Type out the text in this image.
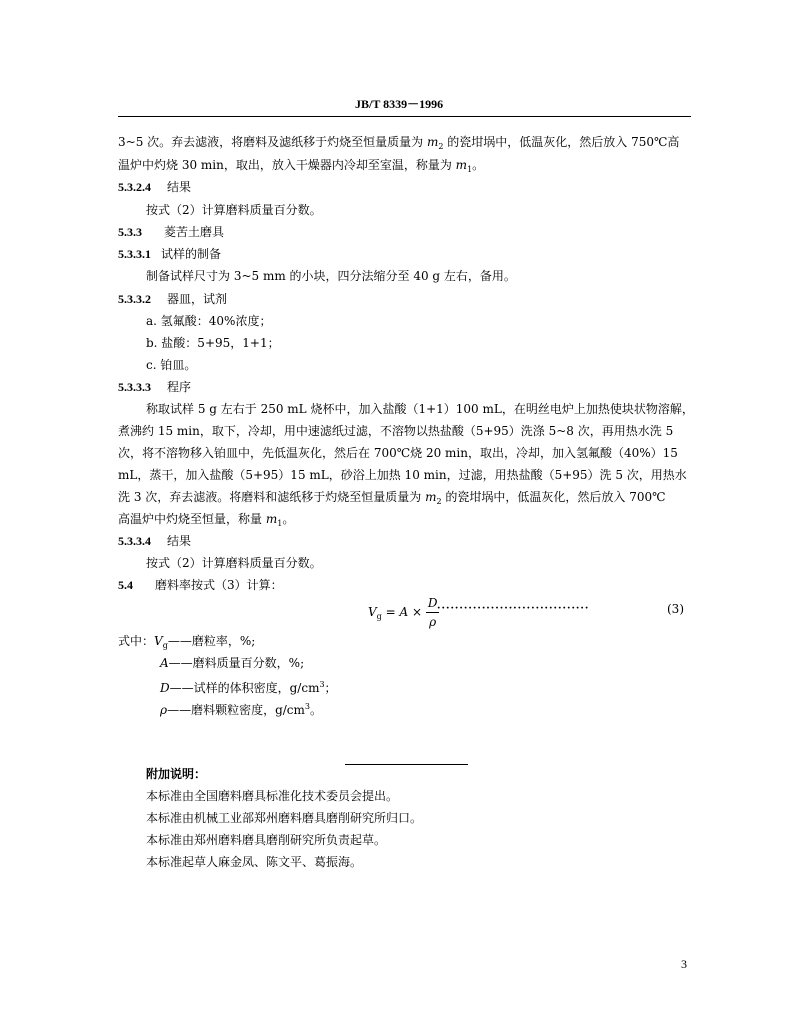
JB/T 8339－1996
3~5 次。弃去滤液，将磨料及滤纸移于灼烧至恒量质量为 $m_2$ 的瓷坩埚中，低温灰化，然后放入 750℃高
温炉中灼烧 30 min，取出，放入干燥器内冷却至室温，称量为 $m_1$。
5.3.2.4 结果
按式（2）计算磨料质量百分数。
5.3.3 菱苦土磨具
5.3.3.1 试样的制备
制备试样尺寸为 3~5 mm 的小块，四分法缩分至 40 g 左右，备用。
5.3.3.2 器皿，试剂
a. 氢氟酸：40%浓度；
b. 盐酸：5+95，1+1；
c. 铂皿。
5.3.3.3 程序
称取试样 5 g 左右于 250 mL 烧杯中，加入盐酸（1+1）100 mL，在明丝电炉上加热使块状物溶解，
煮沸约 15 min，取下，冷却，用中速滤纸过滤，不溶物以热盐酸（5+95）洗涤 5~8 次，再用热水洗 5
次，将不溶物移入铂皿中，先低温灰化，然后在 700℃烧 20 min，取出，冷却，加入氢氟酸（40%）15
mL，蒸干，加入盐酸（5+95）15 mL，砂浴上加热 10 min，过滤，用热盐酸（5+95）洗 5 次，用热水
洗 3 次，弃去滤液。将磨料和滤纸移于灼烧至恒量质量为 $m_2$ 的瓷坩埚中，低温灰化，然后放入 700℃
高温炉中灼烧至恒量，称量 $m_1$。
5.3.3.4 结果
按式（2）计算磨料质量百分数。
5.4 磨料率按式（3）计算：
$V_g = A \times \frac{D}{\rho}$
··································	(3)
式中：$V_g——$磨粒率，%;
A——磨料质量百分数，%;
D——试样的体积密度，$g/cm^3$；
ρ——磨料颗粒密度，$g/cm^3$。
附加说明：
本标准由全国磨料磨具标准化技术委员会提出。
本标准由机械工业部郑州磨料磨具磨削研究所归口。
本标准由郑州磨料磨具磨削研究所负责起草。
本标准起草人麻金凤、陈文平、葛振海。
3
